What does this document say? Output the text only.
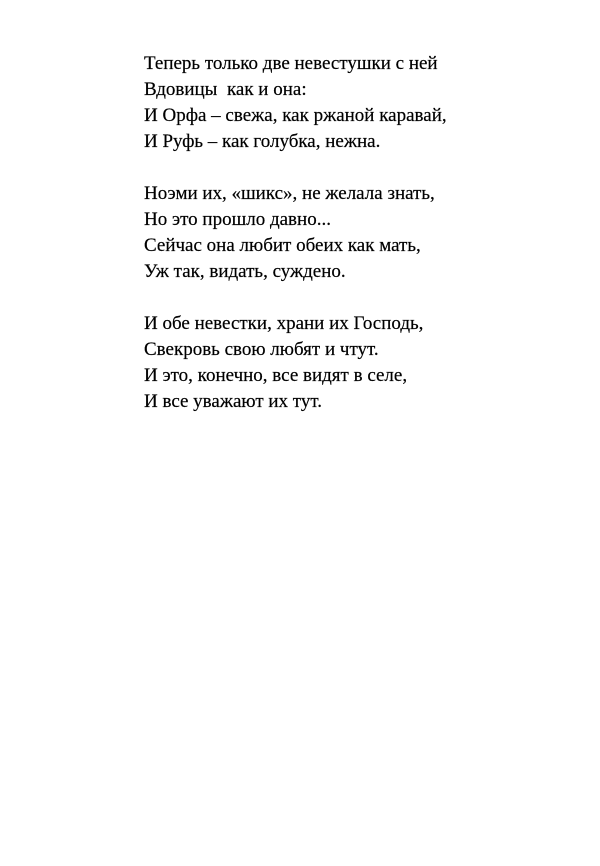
Теперь только две невестушки с ней
Вдовицы  как и она:
И Орфа – свежа, как ржаной каравай,
И Руфь – как голубка, нежна.
Ноэми их, «шикс», не желала знать,
Но это прошло давно...
Сейчас она любит обеих как мать,
Уж так, видать, суждено.
И обе невестки, храни их Господь,
Свекровь свою любят и чтут.
И это, конечно, все видят в селе,
И все уважают их тут.
